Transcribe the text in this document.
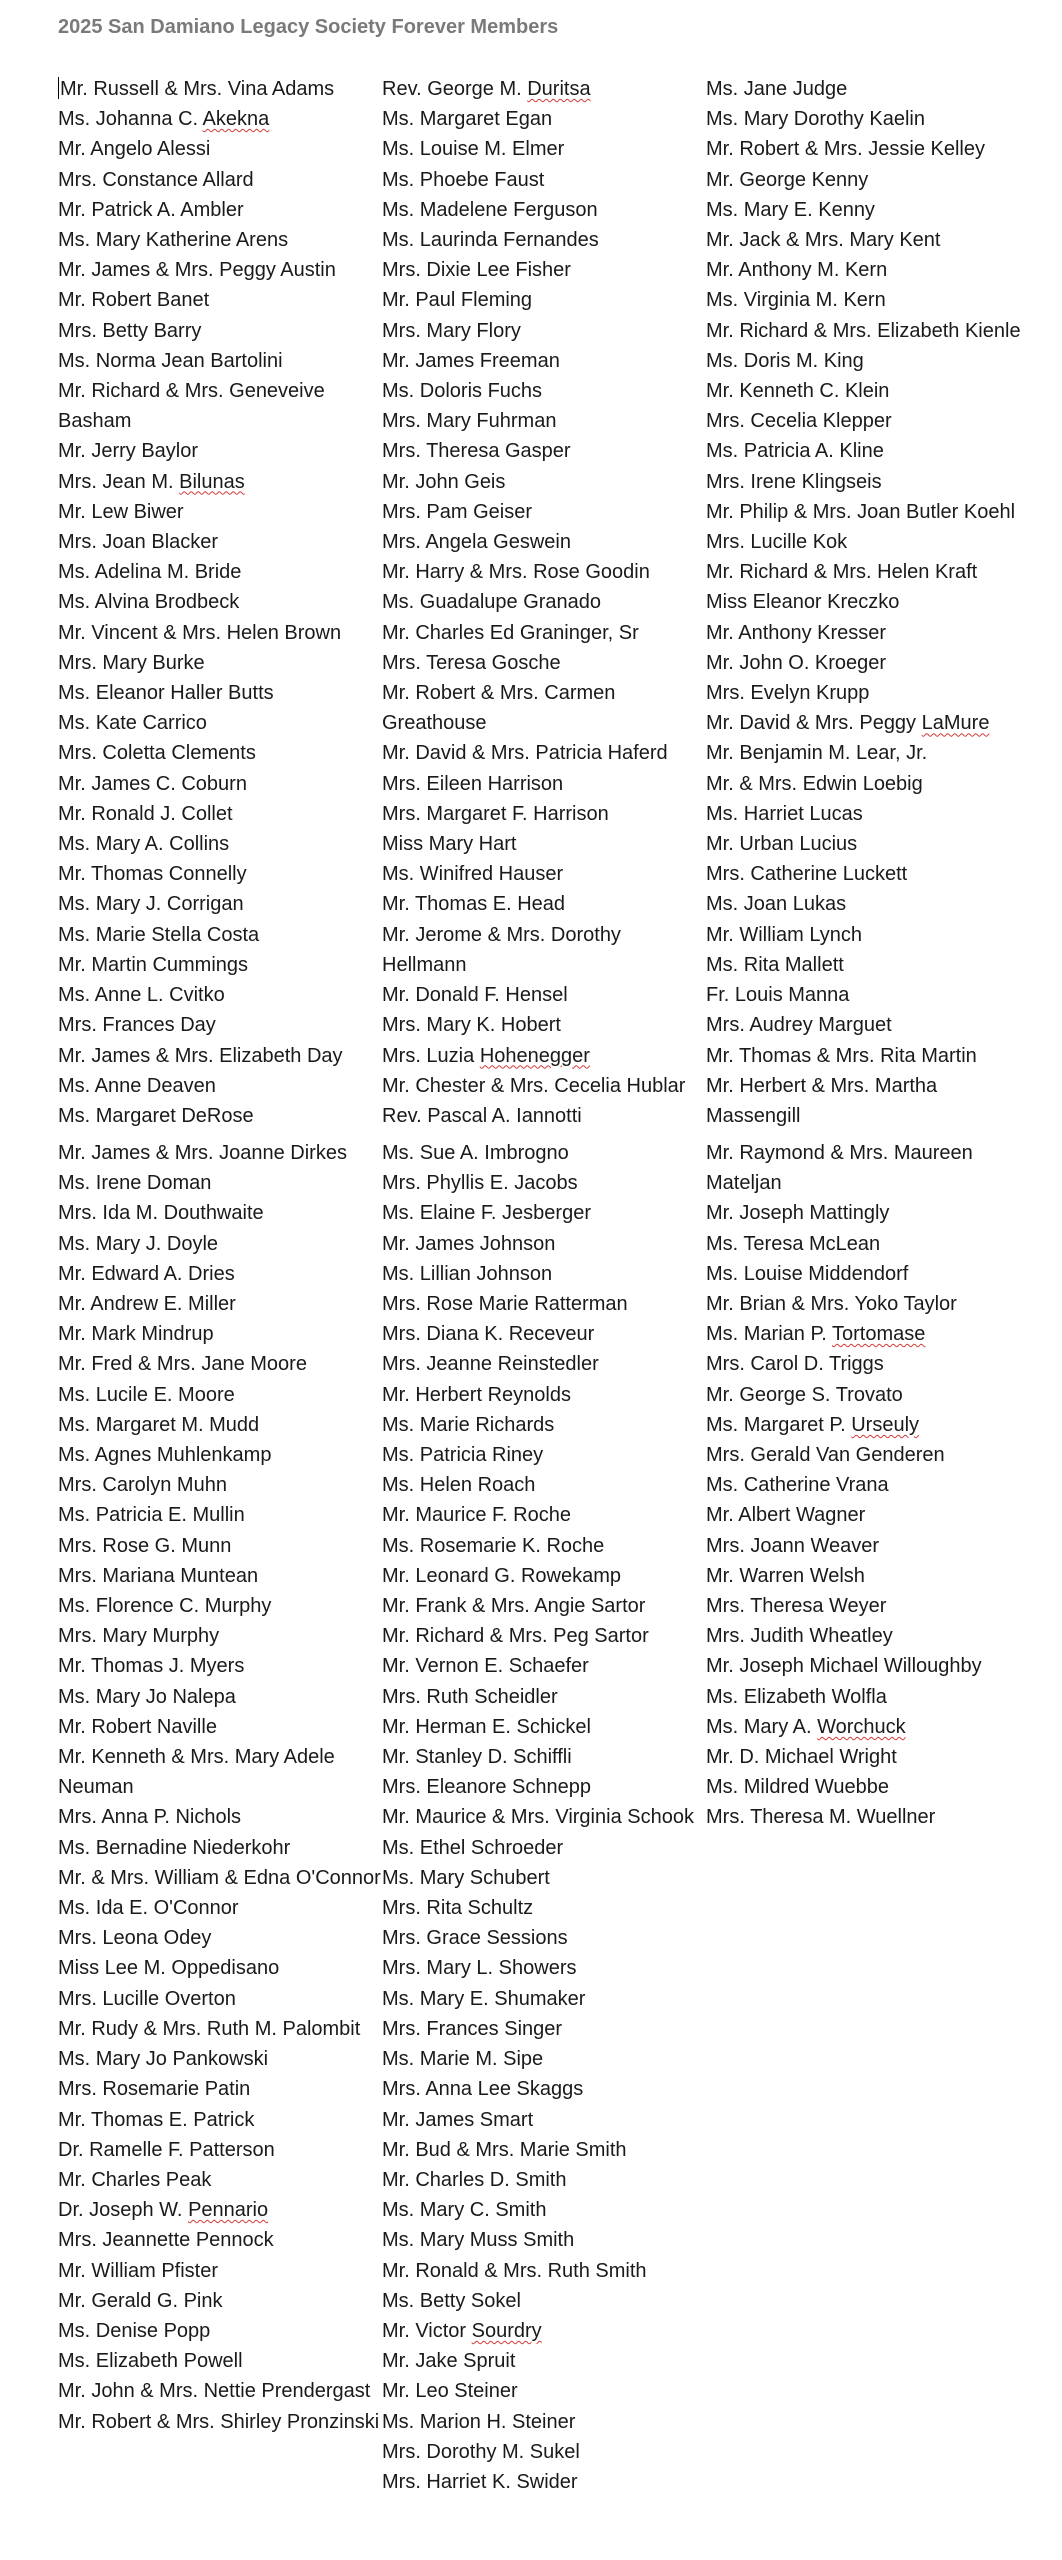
2025 San Damiano Legacy Society Forever Members
Mr. Russell & Mrs. Vina Adams
Ms. Johanna C. Akekna
Mr. Angelo Alessi
Mrs. Constance Allard
Mr. Patrick A. Ambler
Ms. Mary Katherine Arens
Mr. James & Mrs. Peggy Austin
Mr. Robert Banet
Mrs. Betty Barry
Ms. Norma Jean Bartolini
Mr. Richard & Mrs. Geneveive Basham
Mr. Jerry Baylor
Mrs. Jean M. Bilunas
Mr. Lew Biwer
Mrs. Joan Blacker
Ms. Adelina M. Bride
Ms. Alvina Brodbeck
Mr. Vincent & Mrs. Helen Brown
Mrs. Mary Burke
Ms. Eleanor Haller Butts
Ms. Kate Carrico
Mrs. Coletta Clements
Mr. James C. Coburn
Mr. Ronald J. Collet
Ms. Mary A. Collins
Mr. Thomas Connelly
Ms. Mary J. Corrigan
Ms. Marie Stella Costa
Mr. Martin Cummings
Ms. Anne L. Cvitko
Mrs. Frances Day
Mr. James & Mrs. Elizabeth Day
Ms. Anne Deaven
Ms. Margaret DeRose
Rev. George M. Duritsa
Ms. Margaret Egan
Ms. Louise M. Elmer
Ms. Phoebe Faust
Ms. Madelene Ferguson
Ms. Laurinda Fernandes
Mrs. Dixie Lee Fisher
Mr. Paul Fleming
Mrs. Mary Flory
Mr. James Freeman
Ms. Doloris Fuchs
Mrs. Mary Fuhrman
Mrs. Theresa Gasper
Mr. John Geis
Mrs. Pam Geiser
Mrs. Angela Geswein
Mr. Harry & Mrs. Rose Goodin
Ms. Guadalupe Granado
Mr. Charles Ed Graninger, Sr
Mrs. Teresa Gosche
Mr. Robert & Mrs. Carmen Greathouse
Mr. David & Mrs. Patricia Haferd
Mrs. Eileen Harrison
Mrs. Margaret F. Harrison
Miss Mary Hart
Ms. Winifred Hauser
Mr. Thomas E. Head
Mr. Jerome & Mrs. Dorothy Hellmann
Mr. Donald F. Hensel
Mrs. Mary K. Hobert
Mrs. Luzia Hohenegger
Mr. Chester & Mrs. Cecelia Hublar
Rev. Pascal A. Iannotti
Ms. Jane Judge
Ms. Mary Dorothy Kaelin
Mr. Robert & Mrs. Jessie Kelley
Mr. George Kenny
Ms. Mary E. Kenny
Mr. Jack & Mrs. Mary Kent
Mr. Anthony M. Kern
Ms. Virginia M. Kern
Mr. Richard & Mrs. Elizabeth Kienle
Ms. Doris M. King
Mr. Kenneth C. Klein
Mrs. Cecelia Klepper
Ms. Patricia A. Kline
Mrs. Irene Klingseis
Mr. Philip & Mrs. Joan Butler Koehl
Mrs. Lucille Kok
Mr. Richard & Mrs. Helen Kraft
Miss Eleanor Kreczko
Mr. Anthony Kresser
Mr. John O. Kroeger
Mrs. Evelyn Krupp
Mr. David & Mrs. Peggy LaMure
Mr. Benjamin M. Lear, Jr.
Mr. & Mrs. Edwin Loebig
Ms. Harriet Lucas
Mr. Urban Lucius
Mrs. Catherine Luckett
Ms. Joan Lukas
Mr. William Lynch
Ms. Rita Mallett
Fr. Louis Manna
Mrs. Audrey Marguet
Mr. Thomas & Mrs. Rita Martin
Mr. Herbert & Mrs. Martha Massengill
Mr. James & Mrs. Joanne Dirkes
Ms. Irene Doman
Mrs. Ida M. Douthwaite
Ms. Mary J. Doyle
Mr. Edward A. Dries
Mr. Andrew E. Miller
Mr. Mark Mindrup
Mr. Fred & Mrs. Jane Moore
Ms. Lucile E. Moore
Ms. Margaret M. Mudd
Ms. Agnes Muhlenkamp
Mrs. Carolyn Muhn
Ms. Patricia E. Mullin
Mrs. Rose G. Munn
Mrs. Mariana Muntean
Ms. Florence C. Murphy
Mrs. Mary Murphy
Mr. Thomas J. Myers
Ms. Mary Jo Nalepa
Mr. Robert Naville
Mr. Kenneth & Mrs. Mary Adele Neuman
Mrs. Anna P. Nichols
Ms. Bernadine Niederkohr
Mr. & Mrs. William & Edna O'Connor
Ms. Ida E. O'Connor
Mrs. Leona Odey
Miss Lee M. Oppedisano
Mrs. Lucille Overton
Mr. Rudy & Mrs. Ruth M. Palombit
Ms. Mary Jo Pankowski
Mrs. Rosemarie Patin
Mr. Thomas E. Patrick
Dr. Ramelle F. Patterson
Mr. Charles Peak
Dr. Joseph W. Pennario
Mrs. Jeannette Pennock
Mr. William Pfister
Mr. Gerald G. Pink
Ms. Denise Popp
Ms. Elizabeth Powell
Mr. John & Mrs. Nettie Prendergast
Mr. Robert & Mrs. Shirley Pronzinski
Ms. Sue A. Imbrogno
Mrs. Phyllis E. Jacobs
Ms. Elaine F. Jesberger
Mr. James Johnson
Ms. Lillian Johnson
Mrs. Rose Marie Ratterman
Mrs. Diana K. Receveur
Mrs. Jeanne Reinstedler
Mr. Herbert Reynolds
Ms. Marie Richards
Ms. Patricia Riney
Ms. Helen Roach
Mr. Maurice F. Roche
Ms. Rosemarie K. Roche
Mr. Leonard G. Rowekamp
Mr. Frank & Mrs. Angie Sartor
Mr. Richard & Mrs. Peg Sartor
Mr. Vernon E. Schaefer
Mrs. Ruth Scheidler
Mr. Herman E. Schickel
Mr. Stanley D. Schiffli
Mrs. Eleanore Schnepp
Mr. Maurice & Mrs. Virginia Schook
Ms. Ethel Schroeder
Ms. Mary Schubert
Mrs. Rita Schultz
Mrs. Grace Sessions
Mrs. Mary L. Showers
Ms. Mary E. Shumaker
Mrs. Frances Singer
Ms. Marie M. Sipe
Mrs. Anna Lee Skaggs
Mr. James Smart
Mr. Bud & Mrs. Marie Smith
Mr. Charles D. Smith
Ms. Mary C. Smith
Ms. Mary Muss Smith
Mr. Ronald & Mrs. Ruth Smith
Ms. Betty Sokel
Mr. Victor Sourdry
Mr. Jake Spruit
Mr. Leo Steiner
Ms. Marion H. Steiner
Mrs. Dorothy M. Sukel
Mrs. Harriet K. Swider
Mr. Raymond & Mrs. Maureen Mateljan
Mr. Joseph Mattingly
Ms. Teresa McLean
Ms. Louise Middendorf
Mr. Brian & Mrs. Yoko Taylor
Ms. Marian P. Tortomase
Mrs. Carol D. Triggs
Mr. George S. Trovato
Ms. Margaret P. Urseuly
Mrs. Gerald Van Genderen
Ms. Catherine Vrana
Mr. Albert Wagner
Mrs. Joann Weaver
Mr. Warren Welsh
Mrs. Theresa Weyer
Mrs. Judith Wheatley
Mr. Joseph Michael Willoughby
Ms. Elizabeth Wolfla
Ms. Mary A. Worchuck
Mr. D. Michael Wright
Ms. Mildred Wuebbe
Mrs. Theresa M. Wuellner
